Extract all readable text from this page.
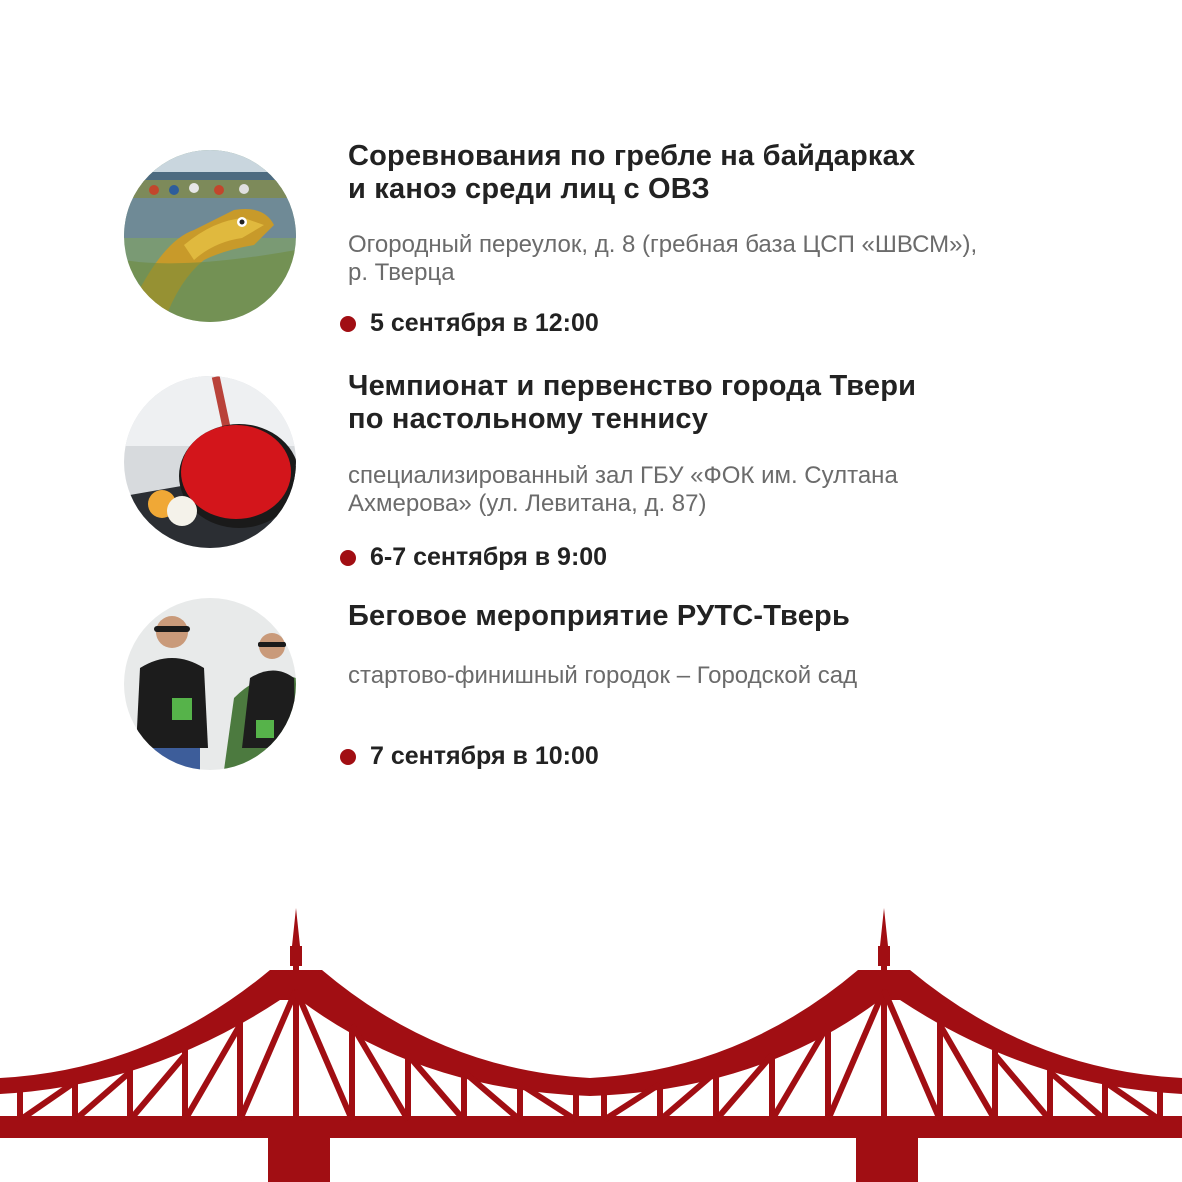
Соревнования по гребле на байдарках
и каноэ среди лиц с ОВЗ
Огородный переулок, д. 8 (гребная база ЦСП «ШВСМ»),
р. Тверца
5 сентября в 12:00
Чемпионат и первенство города Твери
по настольному теннису
специализированный зал ГБУ «ФОК им. Султана
Ахмерова» (ул. Левитана, д. 87)
6-7 сентября в 9:00
Беговое мероприятие РУТС-Тверь
стартово-финишный городок – Городской сад
7 сентября в 10:00
